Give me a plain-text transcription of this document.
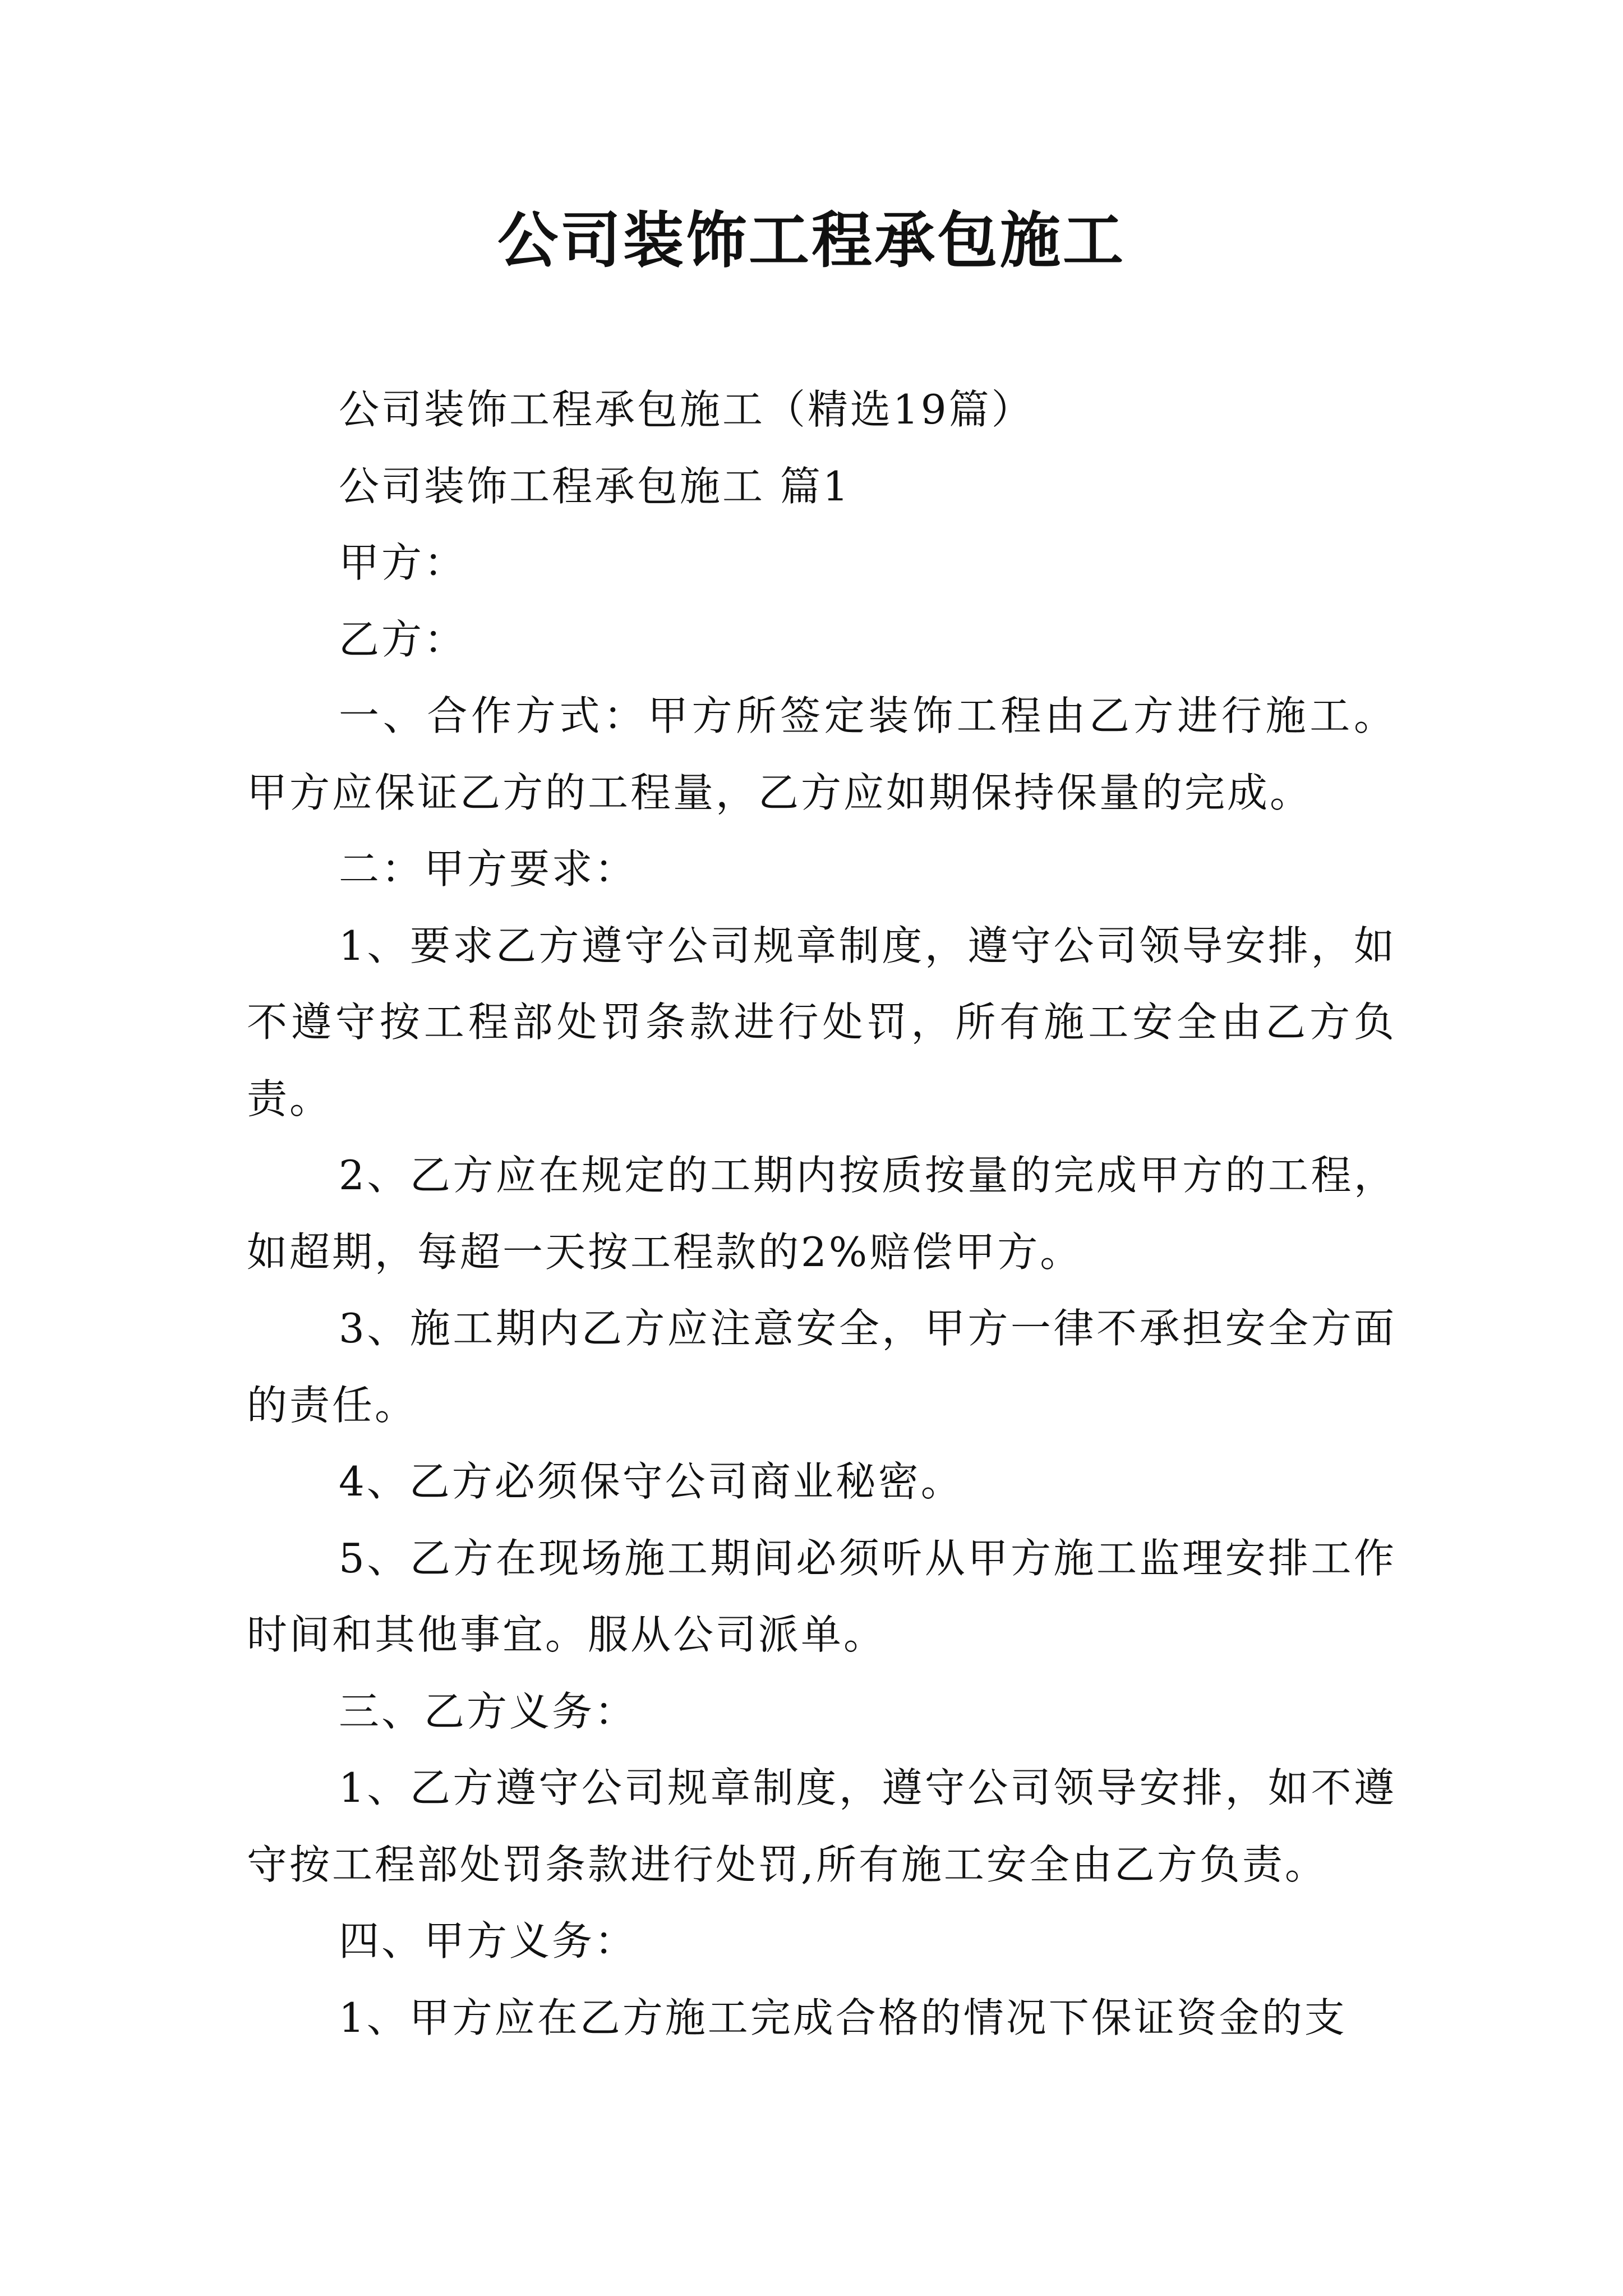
公司装饰工程承包施工

公司装饰工程承包施工（精选19篇）

公司装饰工程承包施工 篇1

甲方：

乙方：

一、合作方式：甲方所签定装饰工程由乙方进行施工。甲方应保证乙方的工程量，乙方应如期保持保量的完成。

二：甲方要求：

1、要求乙方遵守公司规章制度，遵守公司领导安排，如不遵守按工程部处罚条款进行处罚，所有施工安全由乙方负责。

2、乙方应在规定的工期内按质按量的完成甲方的工程，如超期，每超一天按工程款的2%赔偿甲方。

3、施工期内乙方应注意安全，甲方一律不承担安全方面的责任。

4、乙方必须保守公司商业秘密。

5、乙方在现场施工期间必须听从甲方施工监理安排工作时间和其他事宜。服从公司派单。

三、乙方义务：

1、乙方遵守公司规章制度，遵守公司领导安排，如不遵守按工程部处罚条款进行处罚,所有施工安全由乙方负责。

四、甲方义务：

1、甲方应在乙方施工完成合格的情况下保证资金的支
